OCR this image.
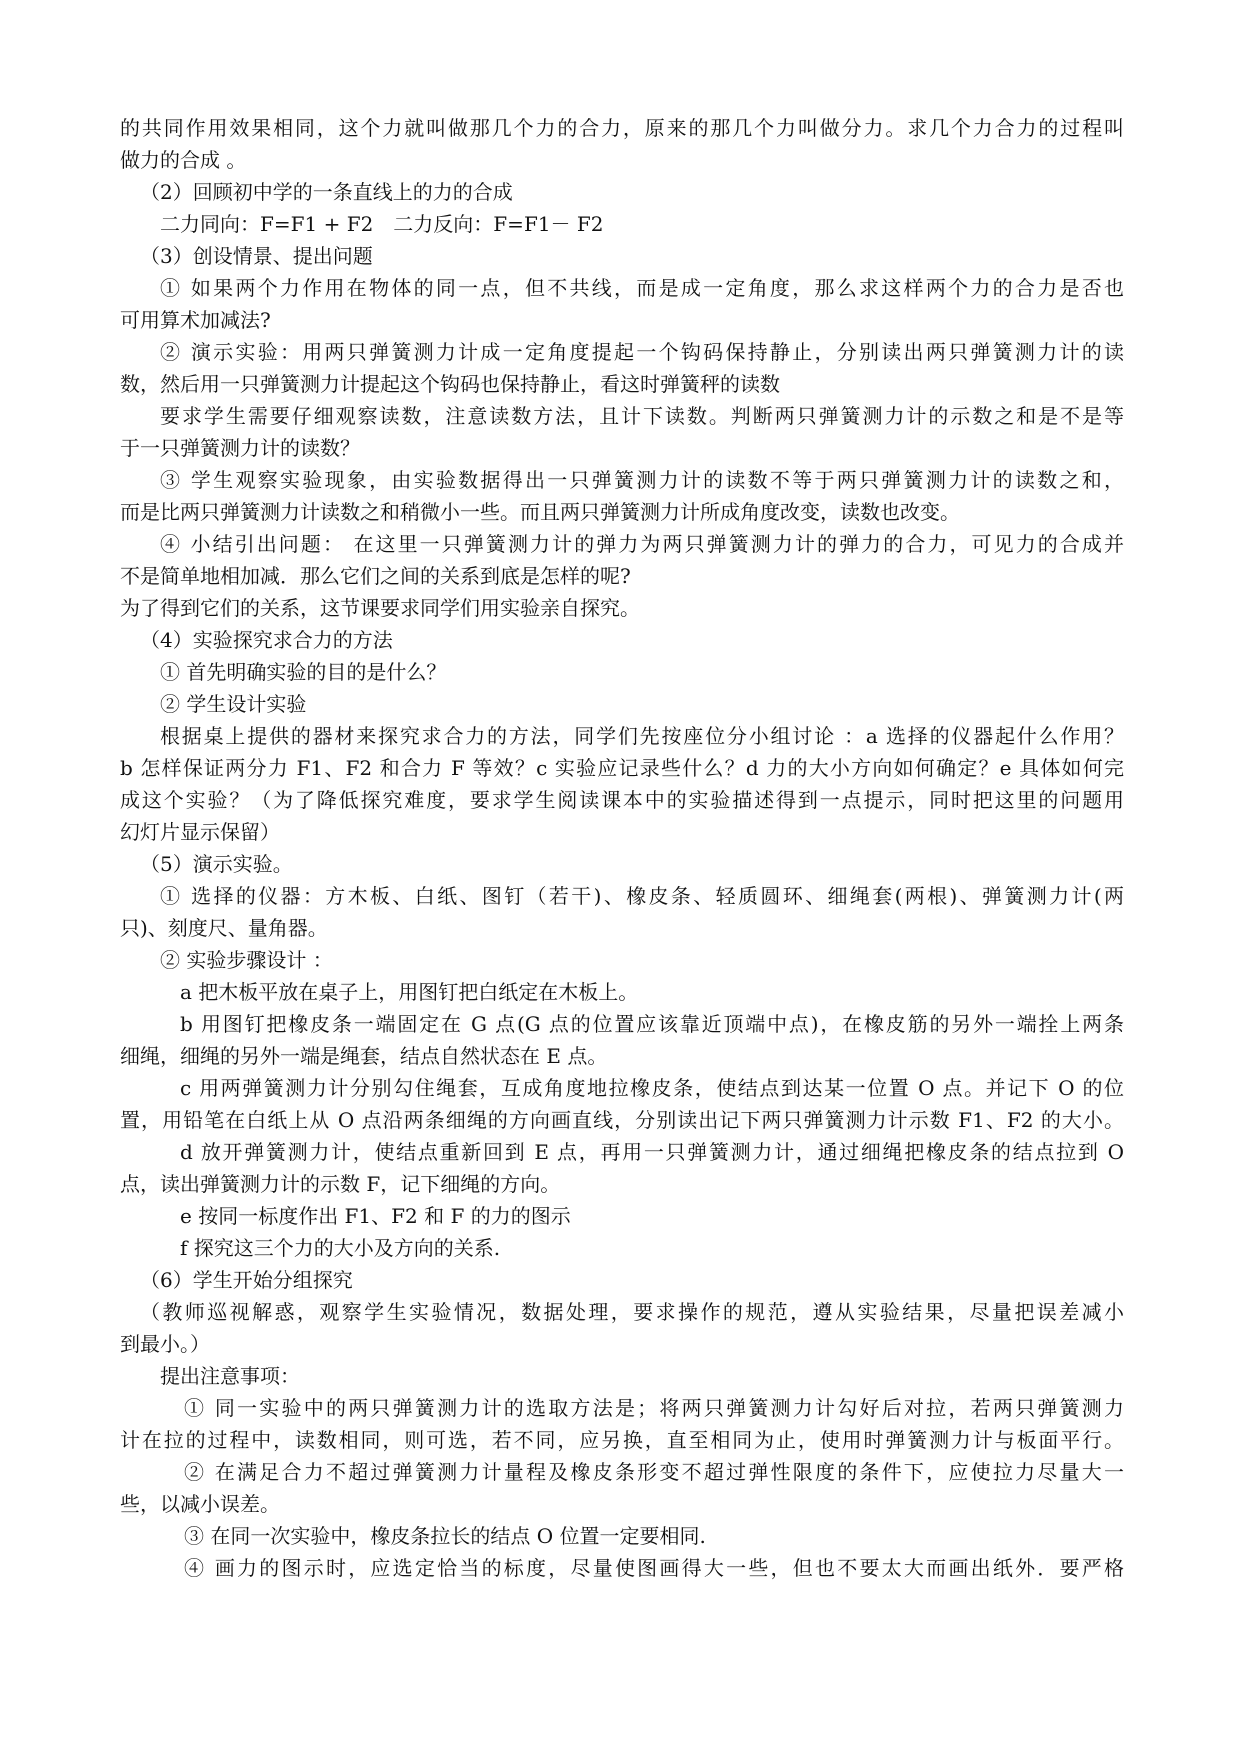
的共同作用效果相同，这个力就叫做那几个力的合力，原来的那几个力叫做分力。求几个力合力的过程叫
做力的合成 。
（2）回顾初中学的一条直线上的力的合成
二力同向：F=F1 + F2　二力反向：F=F1－ F2
（3）创设情景、提出问题
① 如果两个力作用在物体的同一点，但不共线，而是成一定角度，那么求这样两个力的合力是否也
可用算术加减法?
② 演示实验：用两只弹簧测力计成一定角度提起一个钩码保持静止，分别读出两只弹簧测力计的读
数，然后用一只弹簧测力计提起这个钩码也保持静止，看这时弹簧秤的读数
要求学生需要仔细观察读数，注意读数方法，且计下读数。判断两只弹簧测力计的示数之和是不是等
于一只弹簧测力计的读数？
③ 学生观察实验现象，由实验数据得出一只弹簧测力计的读数不等于两只弹簧测力计的读数之和，
而是比两只弹簧测力计读数之和稍微小一些。而且两只弹簧测力计所成角度改变，读数也改变。
④ 小结引出问题： 在这里一只弹簧测力计的弹力为两只弹簧测力计的弹力的合力，可见力的合成并
不是简单地相加减．那么它们之间的关系到底是怎样的呢?
为了得到它们的关系，这节课要求同学们用实验亲自探究。
（4）实验探究求合力的方法
① 首先明确实验的目的是什么？
② 学生设计实验
根据桌上提供的器材来探究求合力的方法，同学们先按座位分小组讨论 ：a 选择的仪器起什么作用？
b 怎样保证两分力 F1、F2 和合力 F 等效？c 实验应记录些什么？d 力的大小方向如何确定？e 具体如何完
成这个实验？（为了降低探究难度，要求学生阅读课本中的实验描述得到一点提示，同时把这里的问题用
幻灯片显示保留）
（5）演示实验。
① 选择的仪器：方木板、白纸、图钉（若干)、橡皮条、轻质圆环、细绳套(两根)、弹簧测力计(两
只)、刻度尺、量角器。
② 实验步骤设计 ：
a 把木板平放在桌子上，用图钉把白纸定在木板上。
b 用图钉把橡皮条一端固定在 G 点(G 点的位置应该靠近顶端中点)，在橡皮筋的另外一端拴上两条
细绳，细绳的另外一端是绳套，结点自然状态在 E 点。
c 用两弹簧测力计分别勾住绳套，互成角度地拉橡皮条，使结点到达某一位置 O 点。并记下 O 的位
置，用铅笔在白纸上从 O 点沿两条细绳的方向画直线，分别读出记下两只弹簧测力计示数 F1、F2 的大小。
d 放开弹簧测力计，使结点重新回到 E 点，再用一只弹簧测力计，通过细绳把橡皮条的结点拉到 O
点，读出弹簧测力计的示数 F，记下细绳的方向。
e 按同一标度作出 F1、F2 和 F 的力的图示
f 探究这三个力的大小及方向的关系.
（6）学生开始分组探究
（教师巡视解惑，观察学生实验情况，数据处理，要求操作的规范，遵从实验结果，尽量把误差减小
到最小。）
提出注意事项：
① 同一实验中的两只弹簧测力计的选取方法是；将两只弹簧测力计勾好后对拉，若两只弹簧测力
计在拉的过程中，读数相同，则可选，若不同，应另换，直至相同为止，使用时弹簧测力计与板面平行。
② 在满足合力不超过弹簧测力计量程及橡皮条形变不超过弹性限度的条件下，应使拉力尽量大一
些，以减小误差。
③ 在同一次实验中，橡皮条拉长的结点 O 位置一定要相同.
④ 画力的图示时，应选定恰当的标度，尽量使图画得大一些，但也不要太大而画出纸外．要严格
